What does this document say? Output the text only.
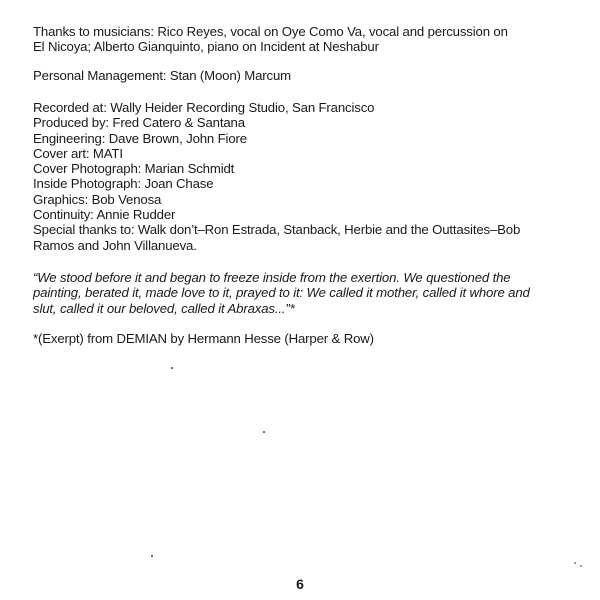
Thanks to musicians: Rico Reyes, vocal on Oye Como Va, vocal and percussion on
El Nicoya; Alberto Gianquinto, piano on Incident at Neshabur
Personal Management: Stan (Moon) Marcum
Recorded at: Wally Heider Recording Studio, San Francisco
Produced by: Fred Catero & Santana
Engineering: Dave Brown, John Fiore
Cover art: MATI
Cover Photograph: Marian Schmidt
Inside Photograph: Joan Chase
Graphics: Bob Venosa
Continuity: Annie Rudder
Special thanks to: Walk don’t–Ron Estrada, Stanback, Herbie and the Outtasites–Bob
Ramos and John Villanueva.
“We stood before it and began to freeze inside from the exertion. We questioned the
painting, berated it, made love to it, prayed to it: We called it mother, called it whore and
slut, called it our beloved, called it Abraxas...”*
*(Exerpt) from DEMIAN by Hermann Hesse (Harper & Row)
6
